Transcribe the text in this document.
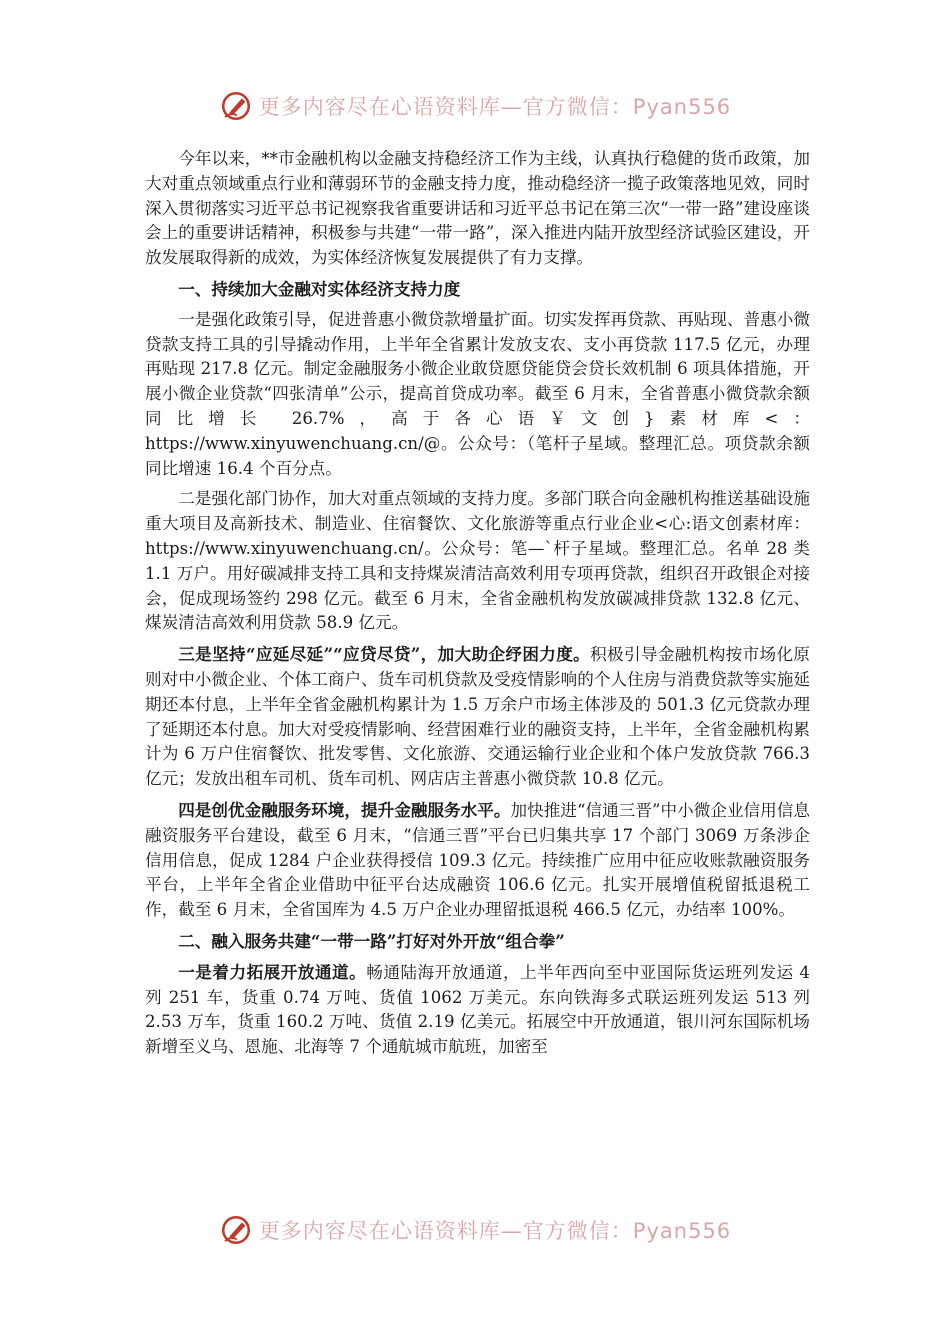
更多内容尽在心语资料库—官方微信：Pyan556

今年以来，**市金融机构以金融支持稳经济工作为主线，认真执行稳健的货币政策，加大对重点领域重点行业和薄弱环节的金融支持力度，推动稳经济一揽子政策落地见效，同时深入贯彻落实习近平总书记视察我省重要讲话和习近平总书记在第三次“一带一路”建设座谈会上的重要讲话精神，积极参与共建“一带一路”，深入推进内陆开放型经济试验区建设，开放发展取得新的成效，为实体经济恢复发展提供了有力支撑。

一、持续加大金融对实体经济支持力度

一是强化政策引导，促进普惠小微贷款增量扩面。切实发挥再贷款、再贴现、普惠小微贷款支持工具的引导撬动作用，上半年全省累计发放支农、支小再贷款 117.5 亿元，办理再贴现 217.8 亿元。制定金融服务小微企业敢贷愿贷能贷会贷长效机制 6 项具体措施，开展小微企业贷款“四张清单”公示，提高首贷成功率。截至 6 月末，全省普惠小微贷款余额同比增长 26.7%，高于各心语￥文创}素材库<：https://www.xinyuwenchuang.cn/@。公众号：（笔杆子星域。整理汇总。项贷款余额同比增速 16.4 个百分点。

二是强化部门协作，加大对重点领域的支持力度。多部门联合向金融机构推送基础设施重大项目及高新技术、制造业、住宿餐饮、文化旅游等重点行业企业<心:语文创素材库：https://www.xinyuwenchuang.cn/。公众号：笔—`杆子星域。整理汇总。名单 28 类 1.1 万户。用好碳减排支持工具和支持煤炭清洁高效利用专项再贷款，组织召开政银企对接会，促成现场签约 298 亿元。截至 6 月末，全省金融机构发放碳减排贷款 132.8 亿元、煤炭清洁高效利用贷款 58.9 亿元。

三是坚持“应延尽延”“应贷尽贷”，加大助企纾困力度。积极引导金融机构按市场化原则对中小微企业、个体工商户、货车司机贷款及受疫情影响的个人住房与消费贷款等实施延期还本付息，上半年全省金融机构累计为 1.5 万余户市场主体涉及的 501.3 亿元贷款办理了延期还本付息。加大对受疫情影响、经营困难行业的融资支持，上半年，全省金融机构累计为 6 万户住宿餐饮、批发零售、文化旅游、交通运输行业企业和个体户发放贷款 766.3 亿元；发放出租车司机、货车司机、网店店主普惠小微贷款 10.8 亿元。

四是创优金融服务环境，提升金融服务水平。加快推进“信通三晋”中小微企业信用信息融资服务平台建设，截至 6 月末，“信通三晋”平台已归集共享 17 个部门 3069 万条涉企信用信息，促成 1284 户企业获得授信 109.3 亿元。持续推广应用中征应收账款融资服务平台，上半年全省企业借助中征平台达成融资 106.6 亿元。扎实开展增值税留抵退税工作，截至 6 月末，全省国库为 4.5 万户企业办理留抵退税 466.5 亿元，办结率 100%。

二、融入服务共建“一带一路”打好对外开放“组合拳”

一是着力拓展开放通道。畅通陆海开放通道，上半年西向至中亚国际货运班列发运 4 列 251 车，货重 0.74 万吨、货值 1062 万美元。东向铁海多式联运班列发运 513 列 2.53 万车，货重 160.2 万吨、货值 2.19 亿美元。拓展空中开放通道，银川河东国际机场新增至义乌、恩施、北海等 7 个通航城市航班，加密至

更多内容尽在心语资料库—官方微信：Pyan556
